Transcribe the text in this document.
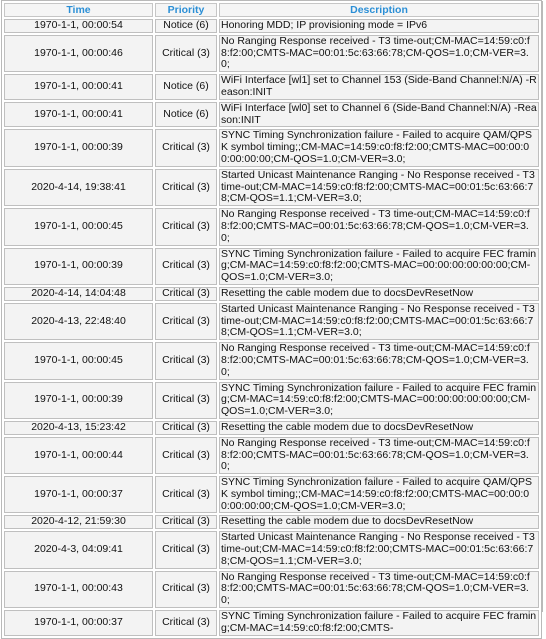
Time	Priority	Description
1970-1-1, 00:00:54	Notice (6)	Honoring MDD; IP provisioning mode = IPv6
1970-1-1, 00:00:46	Critical (3)	No Ranging Response received - T3 time-out;CM-MAC=14:59:c0:f8:f2:00;CMTS-MAC=00:01:5c:63:66:78;CM-QOS=1.0;CM-VER=3.0;
1970-1-1, 00:00:41	Notice (6)	WiFi Interface [wl1] set to Channel 153 (Side-Band Channel:N/A) -Reason:INIT
1970-1-1, 00:00:41	Notice (6)	WiFi Interface [wl0] set to Channel 6 (Side-Band Channel:N/A) -Reason:INIT
1970-1-1, 00:00:39	Critical (3)	SYNC Timing Synchronization failure - Failed to acquire QAM/QPSK symbol timing;;CM-MAC=14:59:c0:f8:f2:00;CMTS-MAC=00:00:00:00:00:00;CM-QOS=1.0;CM-VER=3.0;
2020-4-14, 19:38:41	Critical (3)	Started Unicast Maintenance Ranging - No Response received - T3 time-out;CM-MAC=14:59:c0:f8:f2:00;CMTS-MAC=00:01:5c:63:66:78;CM-QOS=1.1;CM-VER=3.0;
1970-1-1, 00:00:45	Critical (3)	No Ranging Response received - T3 time-out;CM-MAC=14:59:c0:f8:f2:00;CMTS-MAC=00:01:5c:63:66:78;CM-QOS=1.0;CM-VER=3.0;
1970-1-1, 00:00:39	Critical (3)	SYNC Timing Synchronization failure - Failed to acquire FEC framing;CM-MAC=14:59:c0:f8:f2:00;CMTS-MAC=00:00:00:00:00:00;CM-QOS=1.0;CM-VER=3.0;
2020-4-14, 14:04:48	Critical (3)	Resetting the cable modem due to docsDevResetNow
2020-4-13, 22:48:40	Critical (3)	Started Unicast Maintenance Ranging - No Response received - T3 time-out;CM-MAC=14:59:c0:f8:f2:00;CMTS-MAC=00:01:5c:63:66:78;CM-QOS=1.1;CM-VER=3.0;
1970-1-1, 00:00:45	Critical (3)	No Ranging Response received - T3 time-out;CM-MAC=14:59:c0:f8:f2:00;CMTS-MAC=00:01:5c:63:66:78;CM-QOS=1.0;CM-VER=3.0;
1970-1-1, 00:00:39	Critical (3)	SYNC Timing Synchronization failure - Failed to acquire FEC framing;CM-MAC=14:59:c0:f8:f2:00;CMTS-MAC=00:00:00:00:00:00;CM-QOS=1.0;CM-VER=3.0;
2020-4-13, 15:23:42	Critical (3)	Resetting the cable modem due to docsDevResetNow
1970-1-1, 00:00:44	Critical (3)	No Ranging Response received - T3 time-out;CM-MAC=14:59:c0:f8:f2:00;CMTS-MAC=00:01:5c:63:66:78;CM-QOS=1.0;CM-VER=3.0;
1970-1-1, 00:00:37	Critical (3)	SYNC Timing Synchronization failure - Failed to acquire QAM/QPSK symbol timing;;CM-MAC=14:59:c0:f8:f2:00;CMTS-MAC=00:00:00:00:00:00;CM-QOS=1.0;CM-VER=3.0;
2020-4-12, 21:59:30	Critical (3)	Resetting the cable modem due to docsDevResetNow
2020-4-3, 04:09:41	Critical (3)	Started Unicast Maintenance Ranging - No Response received - T3 time-out;CM-MAC=14:59:c0:f8:f2:00;CMTS-MAC=00:01:5c:63:66:78;CM-QOS=1.1;CM-VER=3.0;
1970-1-1, 00:00:43	Critical (3)	No Ranging Response received - T3 time-out;CM-MAC=14:59:c0:f8:f2:00;CMTS-MAC=00:01:5c:63:66:78;CM-QOS=1.0;CM-VER=3.0;
1970-1-1, 00:00:37	Critical (3)	SYNC Timing Synchronization failure - Failed to acquire FEC framing;CM-MAC=14:59:c0:f8:f2:00;CMTS-
